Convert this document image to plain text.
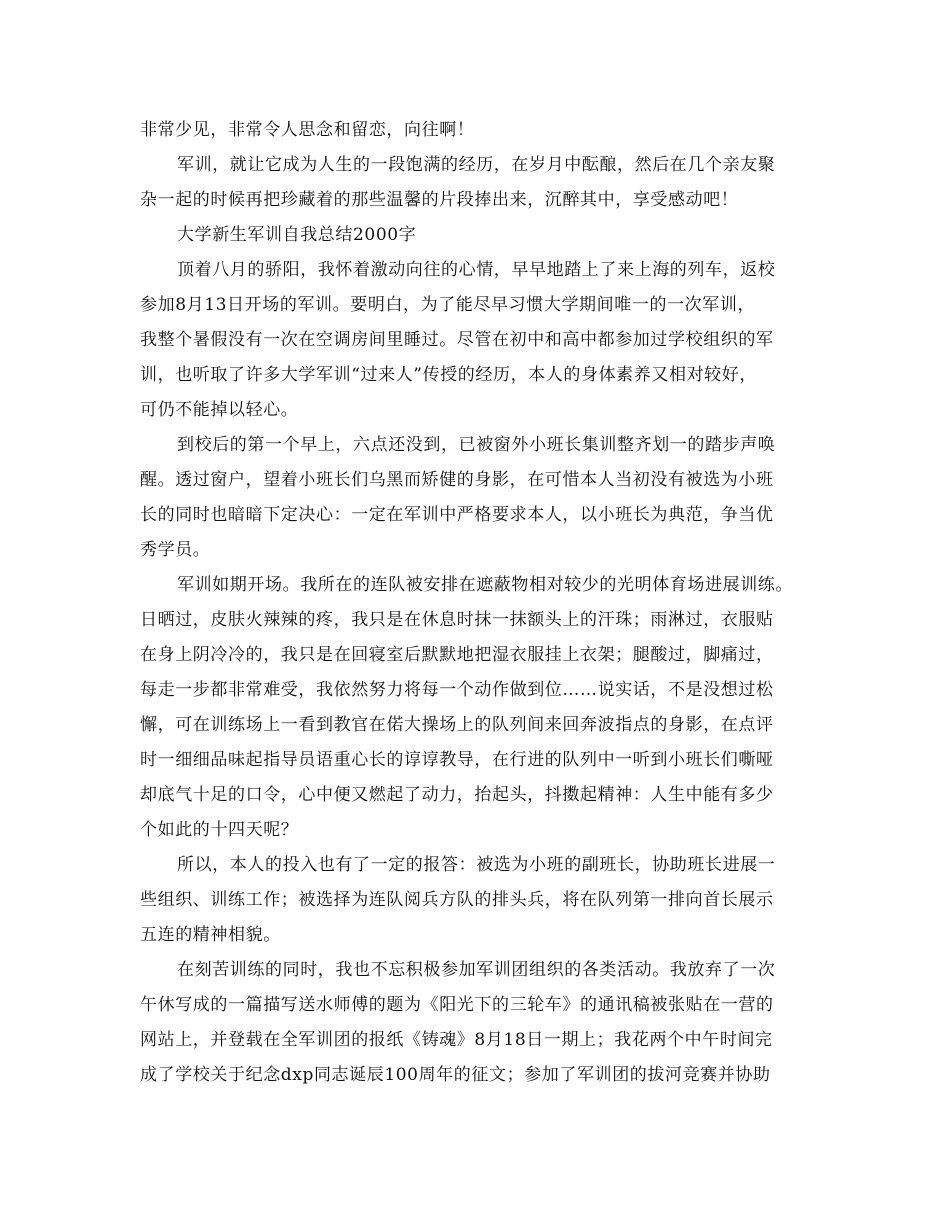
非常少见，非常令人思念和留恋，向往啊！
军训，就让它成为人生的一段饱满的经历，在岁月中酝酿，然后在几个亲友聚
杂一起的时候再把珍藏着的那些温馨的片段捧出来，沉醉其中，享受感动吧！
大学新生军训自我总结2000字
顶着八月的骄阳，我怀着激动向往的心情，早早地踏上了来上海的列车，返校
参加8月13日开场的军训。要明白，为了能尽早习惯大学期间唯一的一次军训，
我整个暑假没有一次在空调房间里睡过。尽管在初中和高中都参加过学校组织的军
训，也听取了许多大学军训“过来人”传授的经历，本人的身体素养又相对较好，
可仍不能掉以轻心。
到校后的第一个早上，六点还没到，已被窗外小班长集训整齐划一的踏步声唤
醒。透过窗户，望着小班长们乌黑而矫健的身影，在可惜本人当初没有被选为小班
长的同时也暗暗下定决心：一定在军训中严格要求本人，以小班长为典范，争当优
秀学员。
军训如期开场。我所在的连队被安排在遮蔽物相对较少的光明体育场进展训练。
日晒过，皮肤火辣辣的疼，我只是在休息时抹一抹额头上的汗珠；雨淋过，衣服贴
在身上阴冷冷的，我只是在回寝室后默默地把湿衣服挂上衣架；腿酸过，脚痛过，
每走一步都非常难受，我依然努力将每一个动作做到位……说实话，不是没想过松
懈，可在训练场上一看到教官在偌大操场上的队列间来回奔波指点的身影，在点评
时一细细品味起指导员语重心长的谆谆教导，在行进的队列中一听到小班长们嘶哑
却底气十足的口令，心中便又燃起了动力，抬起头，抖擞起精神：人生中能有多少
个如此的十四天呢？
所以，本人的投入也有了一定的报答：被选为小班的副班长，协助班长进展一
些组织、训练工作；被选择为连队阅兵方队的排头兵，将在队列第一排向首长展示
五连的精神相貌。
在刻苦训练的同时，我也不忘积极参加军训团组织的各类活动。我放弃了一次
午休写成的一篇描写送水师傅的题为《阳光下的三轮车》的通讯稿被张贴在一营的
网站上，并登载在全军训团的报纸《铸魂》8月18日一期上；我花两个中午时间完
成了学校关于纪念dxp同志诞辰100周年的征文；参加了军训团的拔河竞赛并协助
